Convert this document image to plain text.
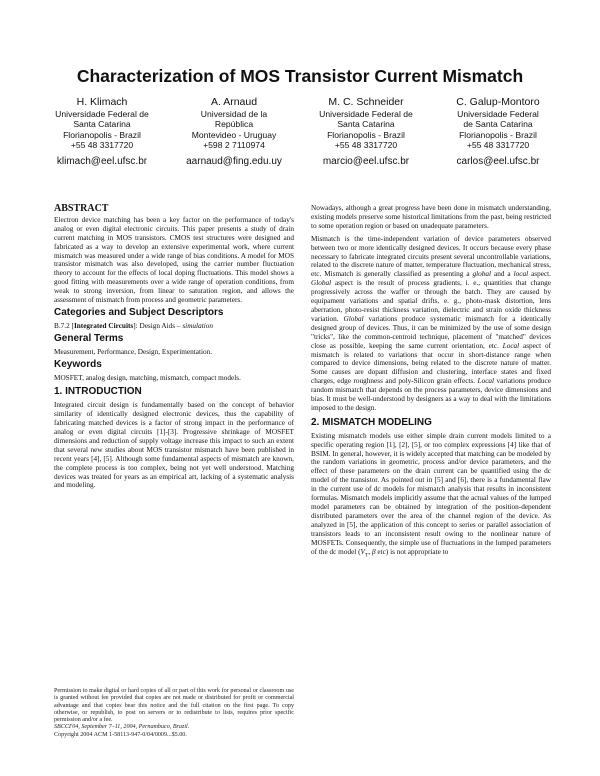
Characterization of MOS Transistor Current Mismatch
H. Klimach
Universidade Federal de
Santa Catarina
Florianopolis - Brazil
+55 48 3317720
klimach@eel.ufsc.br
A. Arnaud
Universidad de la
República
Montevideo - Uruguay
+598 2 7110974
aarnaud@fing.edu.uy
M. C. Schneider
Universidade Federal de
Santa Catarina
Florianopolis - Brazil
+55 48 3317720
marcio@eel.ufsc.br
C. Galup-Montoro
Universidade Federal
de Santa Catarina
Florianopolis - Brazil
+55 48 3317720
carlos@eel.ufsc.br
ABSTRACT

Electron device matching has been a key factor on the performance of today's analog or even digital electronic circuits. This paper presents a study of drain current matching in MOS transistors. CMOS test structures were designed and fabricated as a way to develop an extensive experimental work, where current mismatch was measured under a wide range of bias conditions. A model for MOS transistor mismatch was also developed, using the carrier number fluctuation theory to account for the effects of local doping fluctuations. This model shows a good fitting with measurements over a wide range of operation conditions, from weak to strong inversion, from linear to saturation region, and allows the assessment of mismatch from process and geometric parameters.

Categories and Subject Descriptors

B.7.2 [Integrated Circuits]: Design Aids – simulation

General Terms

Measurement, Performance, Design, Experimentation.

Keywords

MOSFET, analog design, matching, mismatch, compact models.

1. INTRODUCTION

Integrated circuit design is fundamentally based on the concept of behavior similarity of identically designed electronic devices, thus the capability of fabricating matched devices is a factor of strong impact in the performance of analog or even digital circuits [1]-[3]. Progressive shrinkage of MOSFET dimensions and reduction of supply voltage increase this impact to such an extent that several new studies about MOS transistor mismatch have been published in recent years [4], [5]. Although some fundamental aspects of mismatch are known, the complete process is too complex, being not yet well understood. Matching devices was treated for years as an empirical art, lacking of a systematic analysis and modeling.

Permission to make digital or hard copies of all or part of this work for personal or classroom use is granted without fee provided that copies are not made or distributed for profit or commercial advantage and that copies bear this notice and the full citation on the first page. To copy otherwise, or republish, to post on servers or to redistribute to lists, requires prior specific permission and/or a fee.

SBCCI'04, September 7–11, 2004, Pernambuco, Brazil.

Copyright 2004 ACM 1-58113-947-0/04/0009...$5.00.

Nowadays, although a great progress have been done in mismatch understanding, existing models preserve some historical limitations from the past, being restricted to some operation region or based on unadequate parameters.

Mismatch is the time-independent variation of device parameters observed between two or more identically designed devices. It occurs because every phase necessary to fabricate integrated circuits present several uncontrollable variations, related to the discrete nature of matter, temperature fluctuation, mechanical stress, etc. Mismatch is generally classified as presenting a global and a local aspect. Global aspect is the result of process gradients, i. e., quantities that change progressively across the waffer or through the batch. They are caused by equipament variations and spatial drifts, e. g., photo-mask distortion, lens aberration, photo-resist thickness variation, dielectric and strain oxide thickness variation. Global variations produce systematic mismatch for a identically designed group of devices. Thus, it can be minimized by the use of some design "tricks", like the common-centroid technique, placement of "matched" devices close as possible, keeping the same current orientation, etc. Local aspect of mismatch is related to variations that occur in short-distance range when compared to device dimensions, being related to the discrete nature of matter. Some causes are dopant diffusion and clustering, interface states and fixed charges, edge roughness and poly-Silicon grain effects. Local variations produce random mismatch that depends on the process parameters, device dimensions and bias. It must be well-understood by designers as a way to deal with the limitations imposed to the design.

2. MISMATCH MODELING

Existing mismatch models use either simple drain current models limited to a specific operating region [1], [2], [5], or too complex expressions [4] like that of BSIM. In general, however, it is widely accepted that matching can be modeled by the random variations in geometric, process and/or device parameters, and the effect of these parameters on the drain current can be quantified using the dc model of the transistor. As pointed out in [5] and [6], there is a fundamental flaw in the current use of dc models for mismatch analysis that results in inconsistent formulas. Mismatch models implicitly assume that the actual values of the lumped model parameters can be obtained by integration of the position-dependent distributed parameters over the area of the channel region of the device. As analyzed in [5], the application of this concept to series or parallel association of transistors leads to an inconsistent result owing to the nonlinear nature of MOSFETs. Consequently, the simple use of fluctuations in the lumped parameters of the dc model ($V_T$, β etc) is not appropriate to
